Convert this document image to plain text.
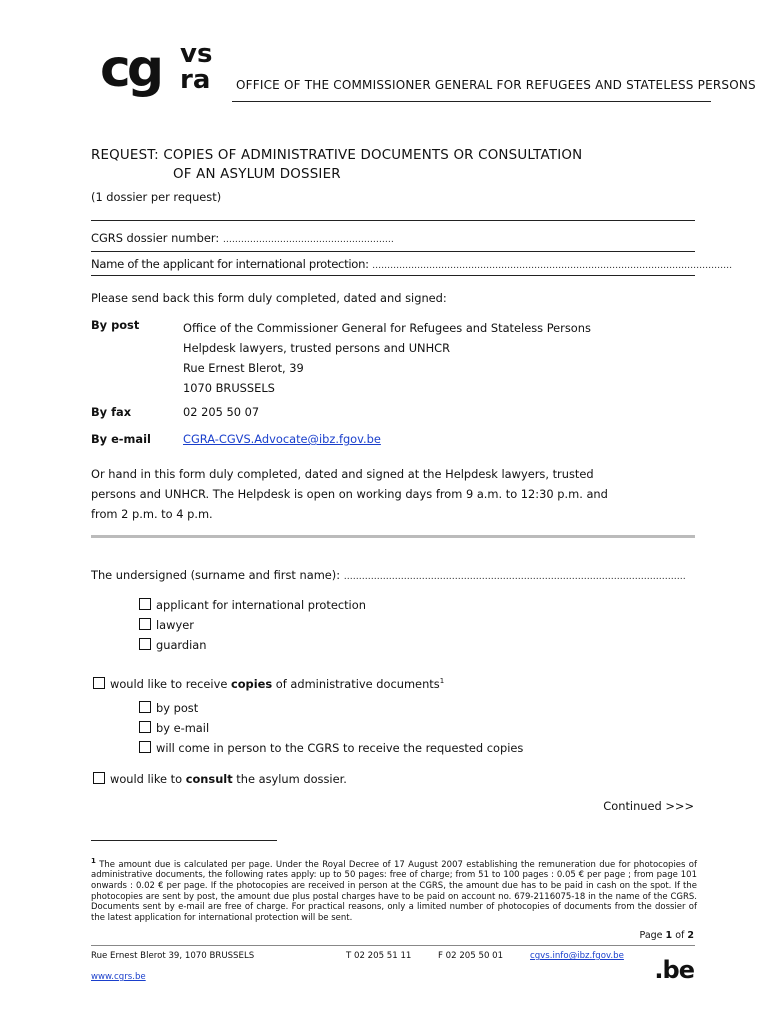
cg vs
ra OFFICE OF THE COMMISSIONER GENERAL FOR REFUGEES AND STATELESS PERSONS
REQUEST: COPIES OF ADMINISTRATIVE DOCUMENTS OR CONSULTATION
OF AN ASYLUM DOSSIER
(1 dossier per request)
CGRS dossier number: …………………………………………………
Name of the applicant for international protection: …………………………………………………………………………………………………………
Please send back this form duly completed, dated and signed:
By post	Office of the Commissioner General for Refugees and Stateless Persons
Helpdesk lawyers, trusted persons and UNHCR
Rue Ernest Blerot, 39
1070 BRUSSELS
By fax	02 205 50 07
By e-mail	CGRA-CGVS.Advocate@ibz.fgov.be
Or hand in this form duly completed, dated and signed at the Helpdesk lawyers, trusted
persons and UNHCR. The Helpdesk is open on working days from 9 a.m. to 12:30 p.m. and
from 2 p.m. to 4 p.m.
The undersigned (surname and first name): ……………………………………………………………………………………………………
applicant for international protection
lawyer
guardian
would like to receive copies of administrative documents$^1$
by post
by e-mail
will come in person to the CGRS to receive the requested copies
would like to consult the asylum dossier.
Continued >>>
$^1$ The amount due is calculated per page. Under the Royal Decree of 17 August 2007 establishing the remuneration due for photocopies of administrative documents, the following rates apply: up to 50 pages: free of charge; from 51 to 100 pages : 0.05 € per page ; from page 101 onwards : 0.02 € per page. If the photocopies are received in person at the CGRS, the amount due has to be paid in cash on the spot. If the photocopies are sent by post, the amount due plus postal charges have to be paid on account no. 679-2116075-18 in the name of the CGRS. Documents sent by e-mail are free of charge. For practical reasons, only a limited number of photocopies of documents from the dossier of the latest application for international protection will be sent.
Page 1 of 2
Rue Ernest Blerot 39, 1070 BRUSSELS	T 02 205 51 11	F 02 205 50 01	cgvs.info@ibz.fgov.be
www.cgrs.be	.be
